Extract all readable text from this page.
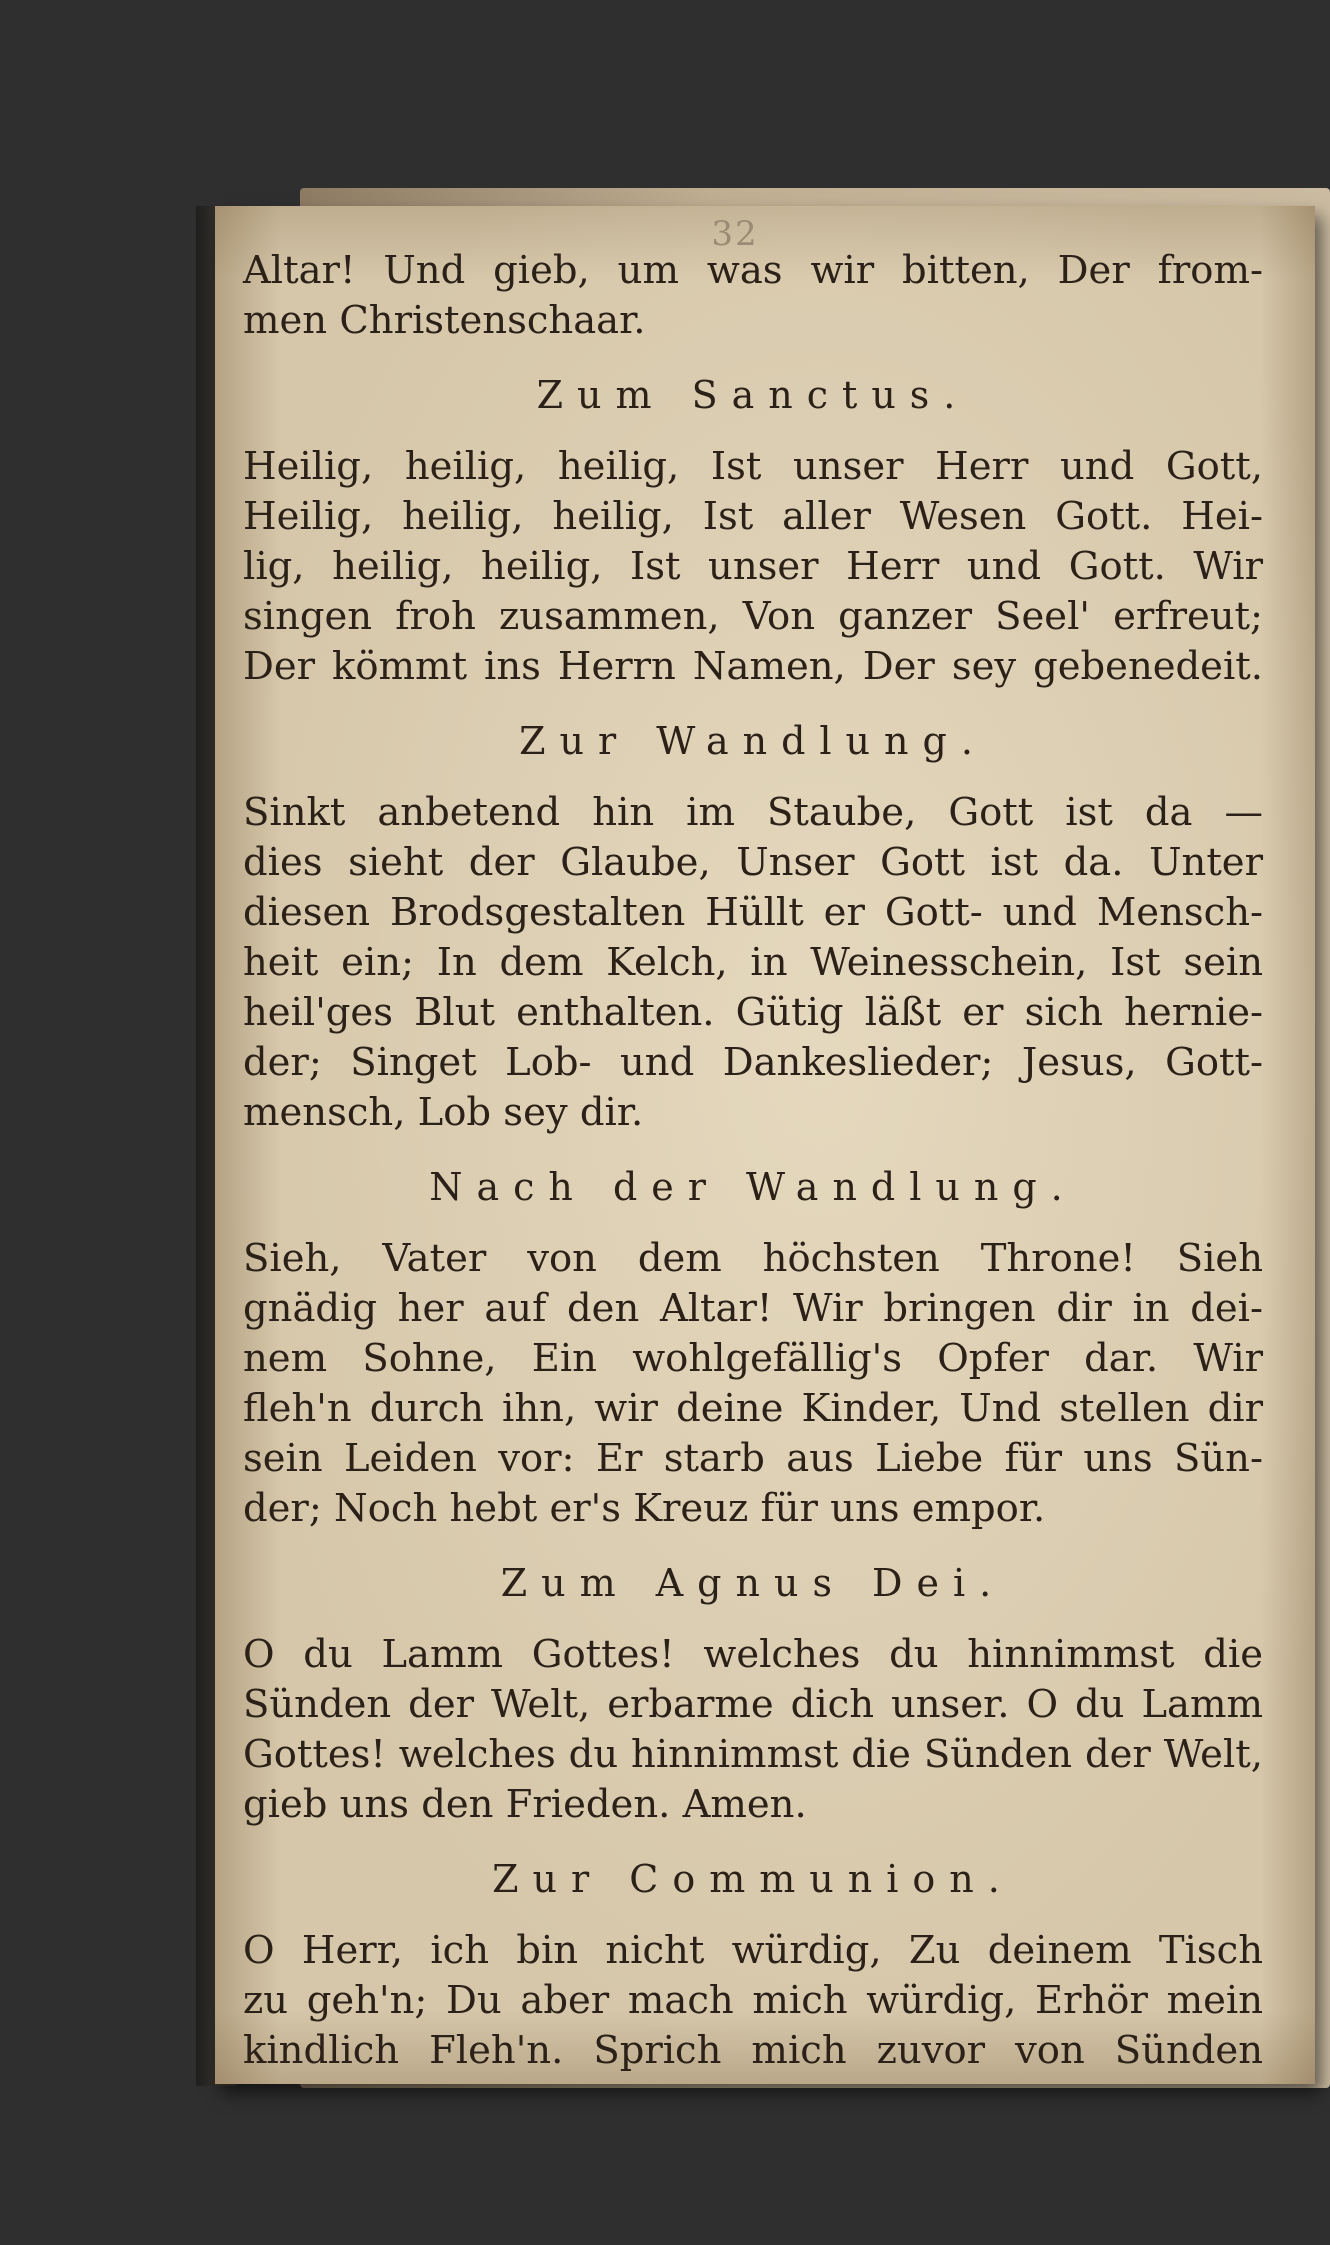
32
Altar! Und gieb, um was wir bitten, Der from-
men Christenschaar.
Zum Sanctus.
Heilig, heilig, heilig, Ist unser Herr und Gott,
Heilig, heilig, heilig, Ist aller Wesen Gott. Hei-
lig, heilig, heilig, Ist unser Herr und Gott. Wir
singen froh zusammen, Von ganzer Seel' erfreut;
Der kömmt ins Herrn Namen, Der sey gebenedeit.
Zur Wandlung.
Sinkt anbetend hin im Staube, Gott ist da —
dies sieht der Glaube, Unser Gott ist da. Unter
diesen Brodsgestalten Hüllt er Gott- und Mensch-
heit ein; In dem Kelch, in Weinesschein, Ist sein
heil'ges Blut enthalten. Gütig läßt er sich hernie-
der; Singet Lob- und Dankeslieder; Jesus, Gott-
mensch, Lob sey dir.
Nach der Wandlung.
Sieh, Vater von dem höchsten Throne! Sieh
gnädig her auf den Altar! Wir bringen dir in dei-
nem Sohne, Ein wohlgefällig's Opfer dar. Wir
fleh'n durch ihn, wir deine Kinder, Und stellen dir
sein Leiden vor: Er starb aus Liebe für uns Sün-
der; Noch hebt er's Kreuz für uns empor.
Zum Agnus Dei.
O du Lamm Gottes! welches du hinnimmst die
Sünden der Welt, erbarme dich unser. O du Lamm
Gottes! welches du hinnimmst die Sünden der Welt,
gieb uns den Frieden. Amen.
Zur Communion.
O Herr, ich bin nicht würdig, Zu deinem Tisch
zu geh'n; Du aber mach mich würdig, Erhör mein
kindlich Fleh'n. Sprich mich zuvor von Sünden
